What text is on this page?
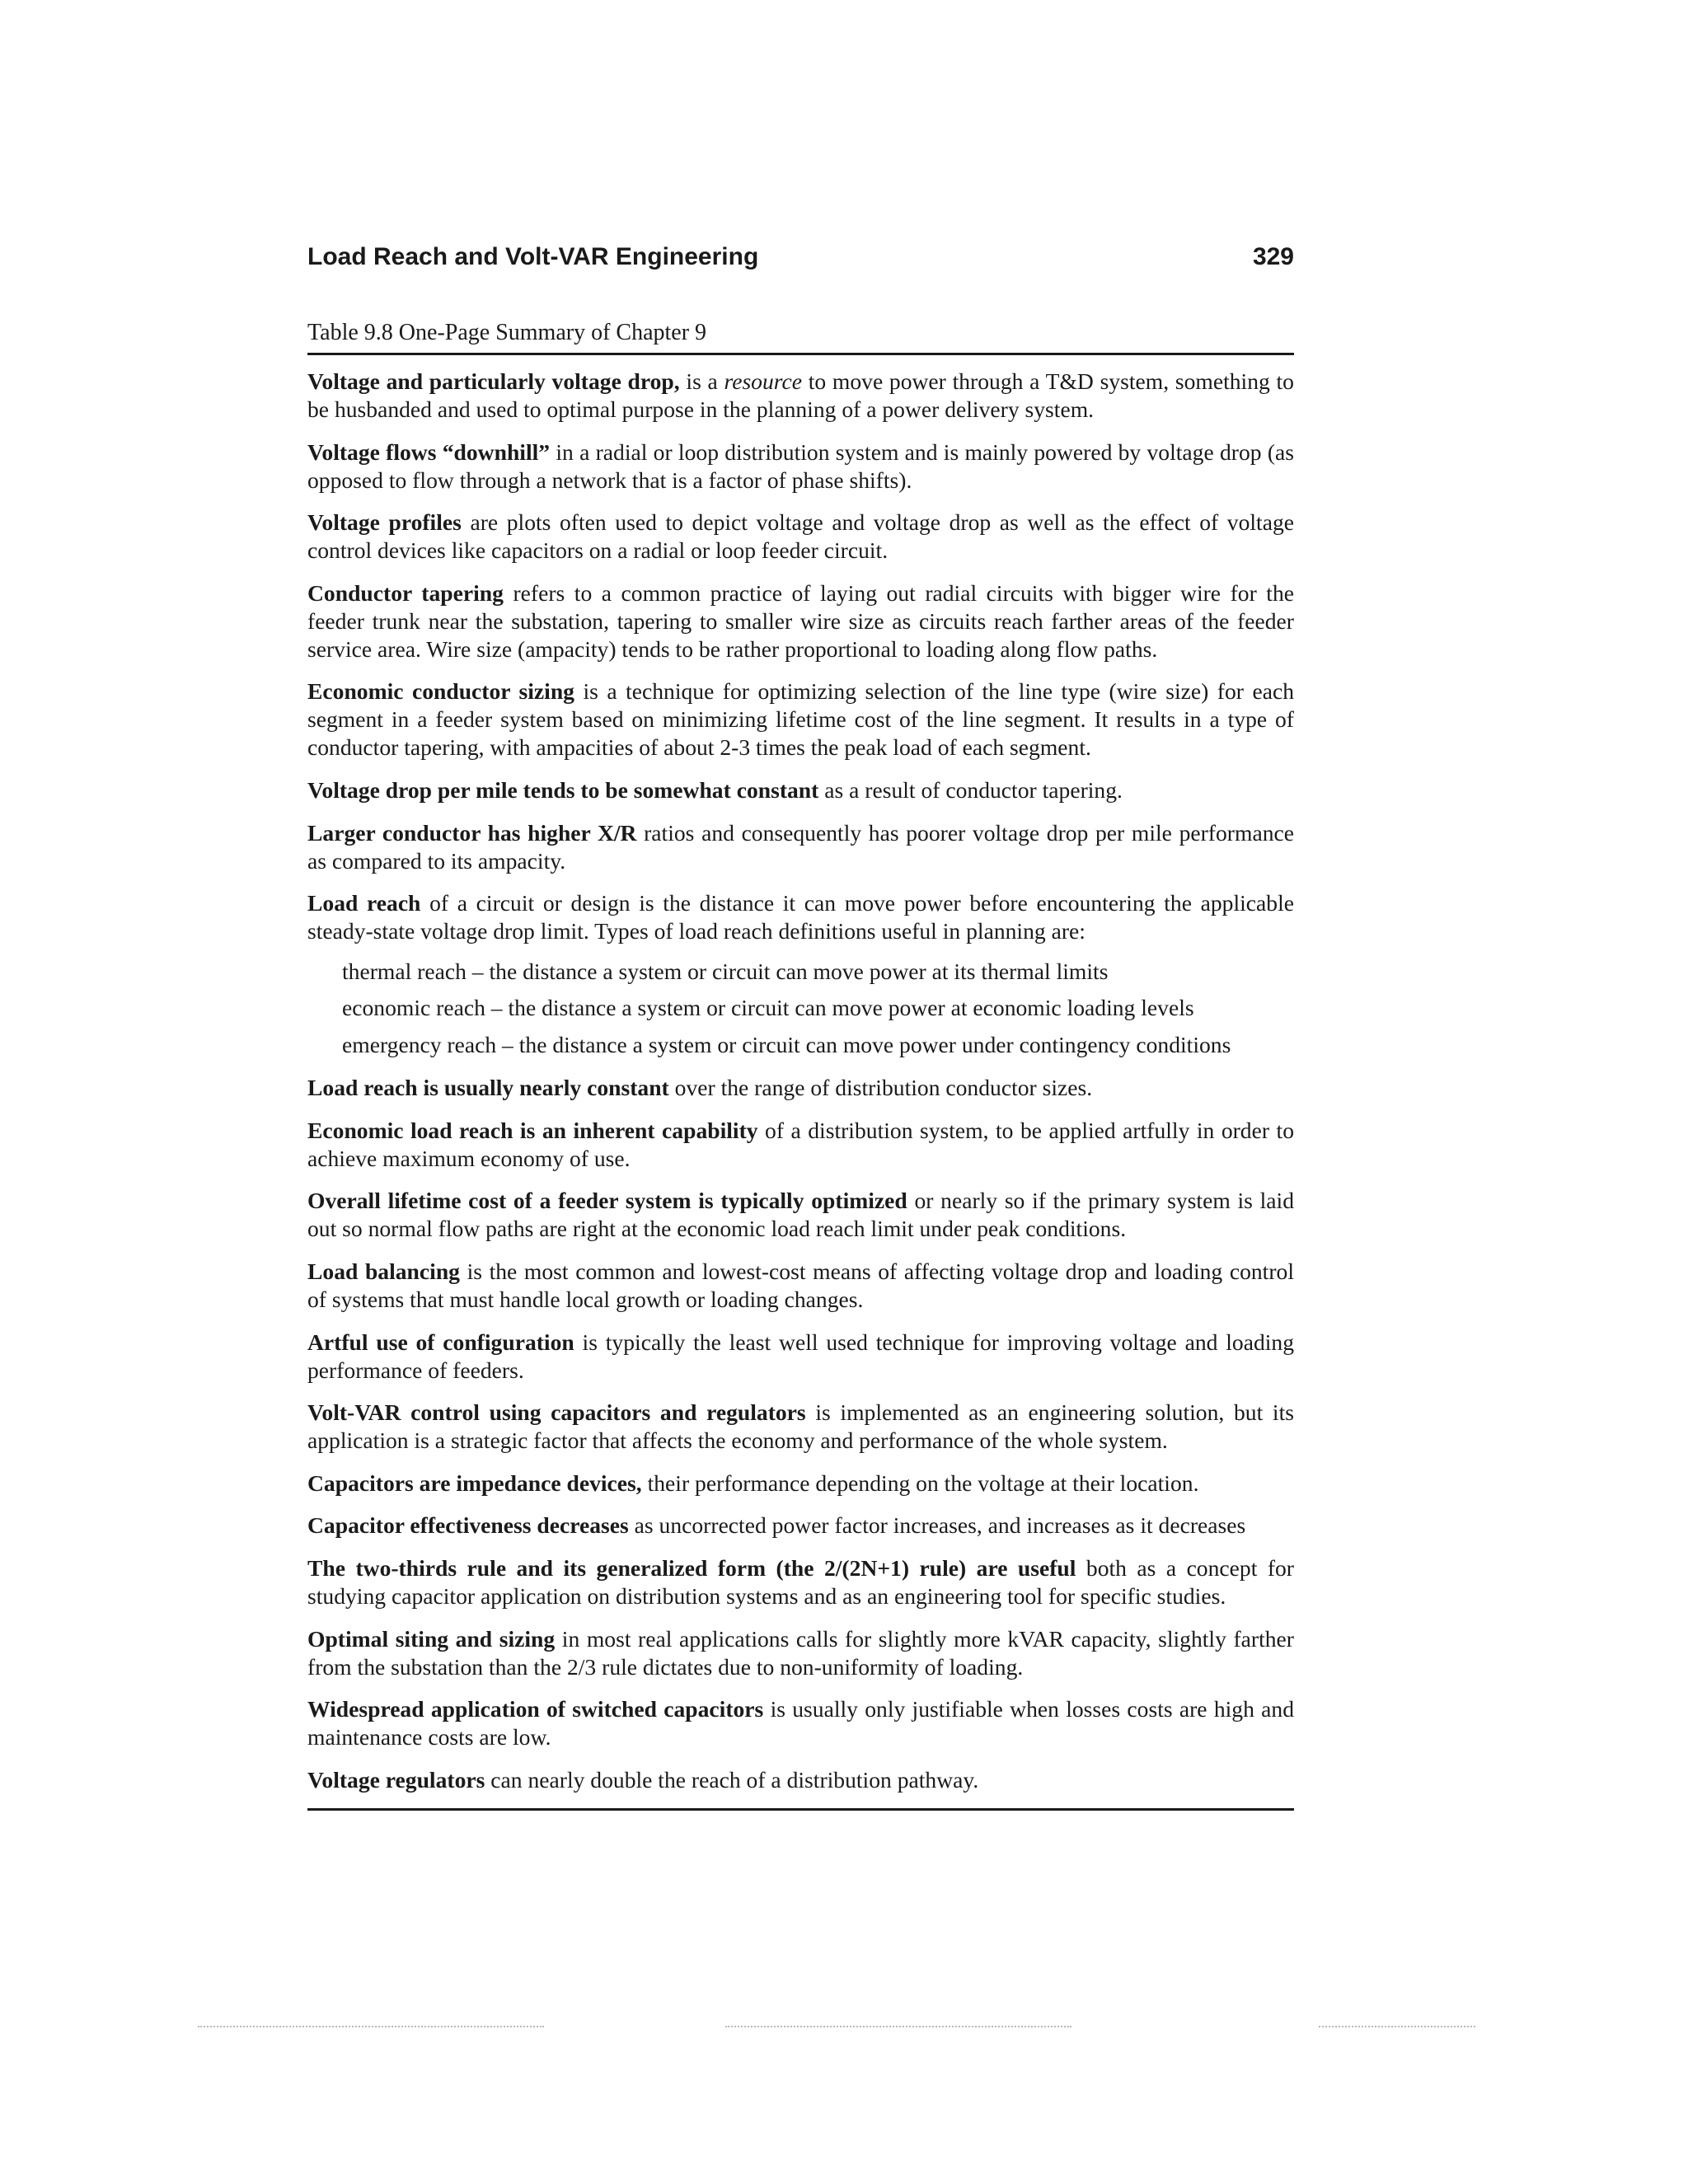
Load Reach and Volt-VAR Engineering	329
Table 9.8 One-Page Summary of Chapter 9

Voltage and particularly voltage drop, is a resource to move power through a T&D system, something to be husbanded and used to optimal purpose in the planning of a power delivery system.

Voltage flows “downhill” in a radial or loop distribution system and is mainly powered by voltage drop (as opposed to flow through a network that is a factor of phase shifts).

Voltage profiles are plots often used to depict voltage and voltage drop as well as the effect of voltage control devices like capacitors on a radial or loop feeder circuit.

Conductor tapering refers to a common practice of laying out radial circuits with bigger wire for the feeder trunk near the substation, tapering to smaller wire size as circuits reach farther areas of the feeder service area. Wire size (ampacity) tends to be rather proportional to loading along flow paths.

Economic conductor sizing is a technique for optimizing selection of the line type (wire size) for each segment in a feeder system based on minimizing lifetime cost of the line segment. It results in a type of conductor tapering, with ampacities of about 2-3 times the peak load of each segment.

Voltage drop per mile tends to be somewhat constant as a result of conductor tapering.

Larger conductor has higher X/R ratios and consequently has poorer voltage drop per mile performance as compared to its ampacity.

Load reach of a circuit or design is the distance it can move power before encountering the applicable steady-state voltage drop limit. Types of load reach definitions useful in planning are:

thermal reach – the distance a system or circuit can move power at its thermal limits
economic reach – the distance a system or circuit can move power at economic loading levels
emergency reach – the distance a system or circuit can move power under contingency conditions

Load reach is usually nearly constant over the range of distribution conductor sizes.

Economic load reach is an inherent capability of a distribution system, to be applied artfully in order to achieve maximum economy of use.

Overall lifetime cost of a feeder system is typically optimized or nearly so if the primary system is laid out so normal flow paths are right at the economic load reach limit under peak conditions.

Load balancing is the most common and lowest-cost means of affecting voltage drop and loading control of systems that must handle local growth or loading changes.

Artful use of configuration is typically the least well used technique for improving voltage and loading performance of feeders.

Volt-VAR control using capacitors and regulators is implemented as an engineering solution, but its application is a strategic factor that affects the economy and performance of the whole system.

Capacitors are impedance devices, their performance depending on the voltage at their location.

Capacitor effectiveness decreases as uncorrected power factor increases, and increases as it decreases

The two-thirds rule and its generalized form (the 2/(2N+1) rule) are useful both as a concept for studying capacitor application on distribution systems and as an engineering tool for specific studies.

Optimal siting and sizing in most real applications calls for slightly more kVAR capacity, slightly farther from the substation than the 2/3 rule dictates due to non-uniformity of loading.

Widespread application of switched capacitors is usually only justifiable when losses costs are high and maintenance costs are low.

Voltage regulators can nearly double the reach of a distribution pathway.
